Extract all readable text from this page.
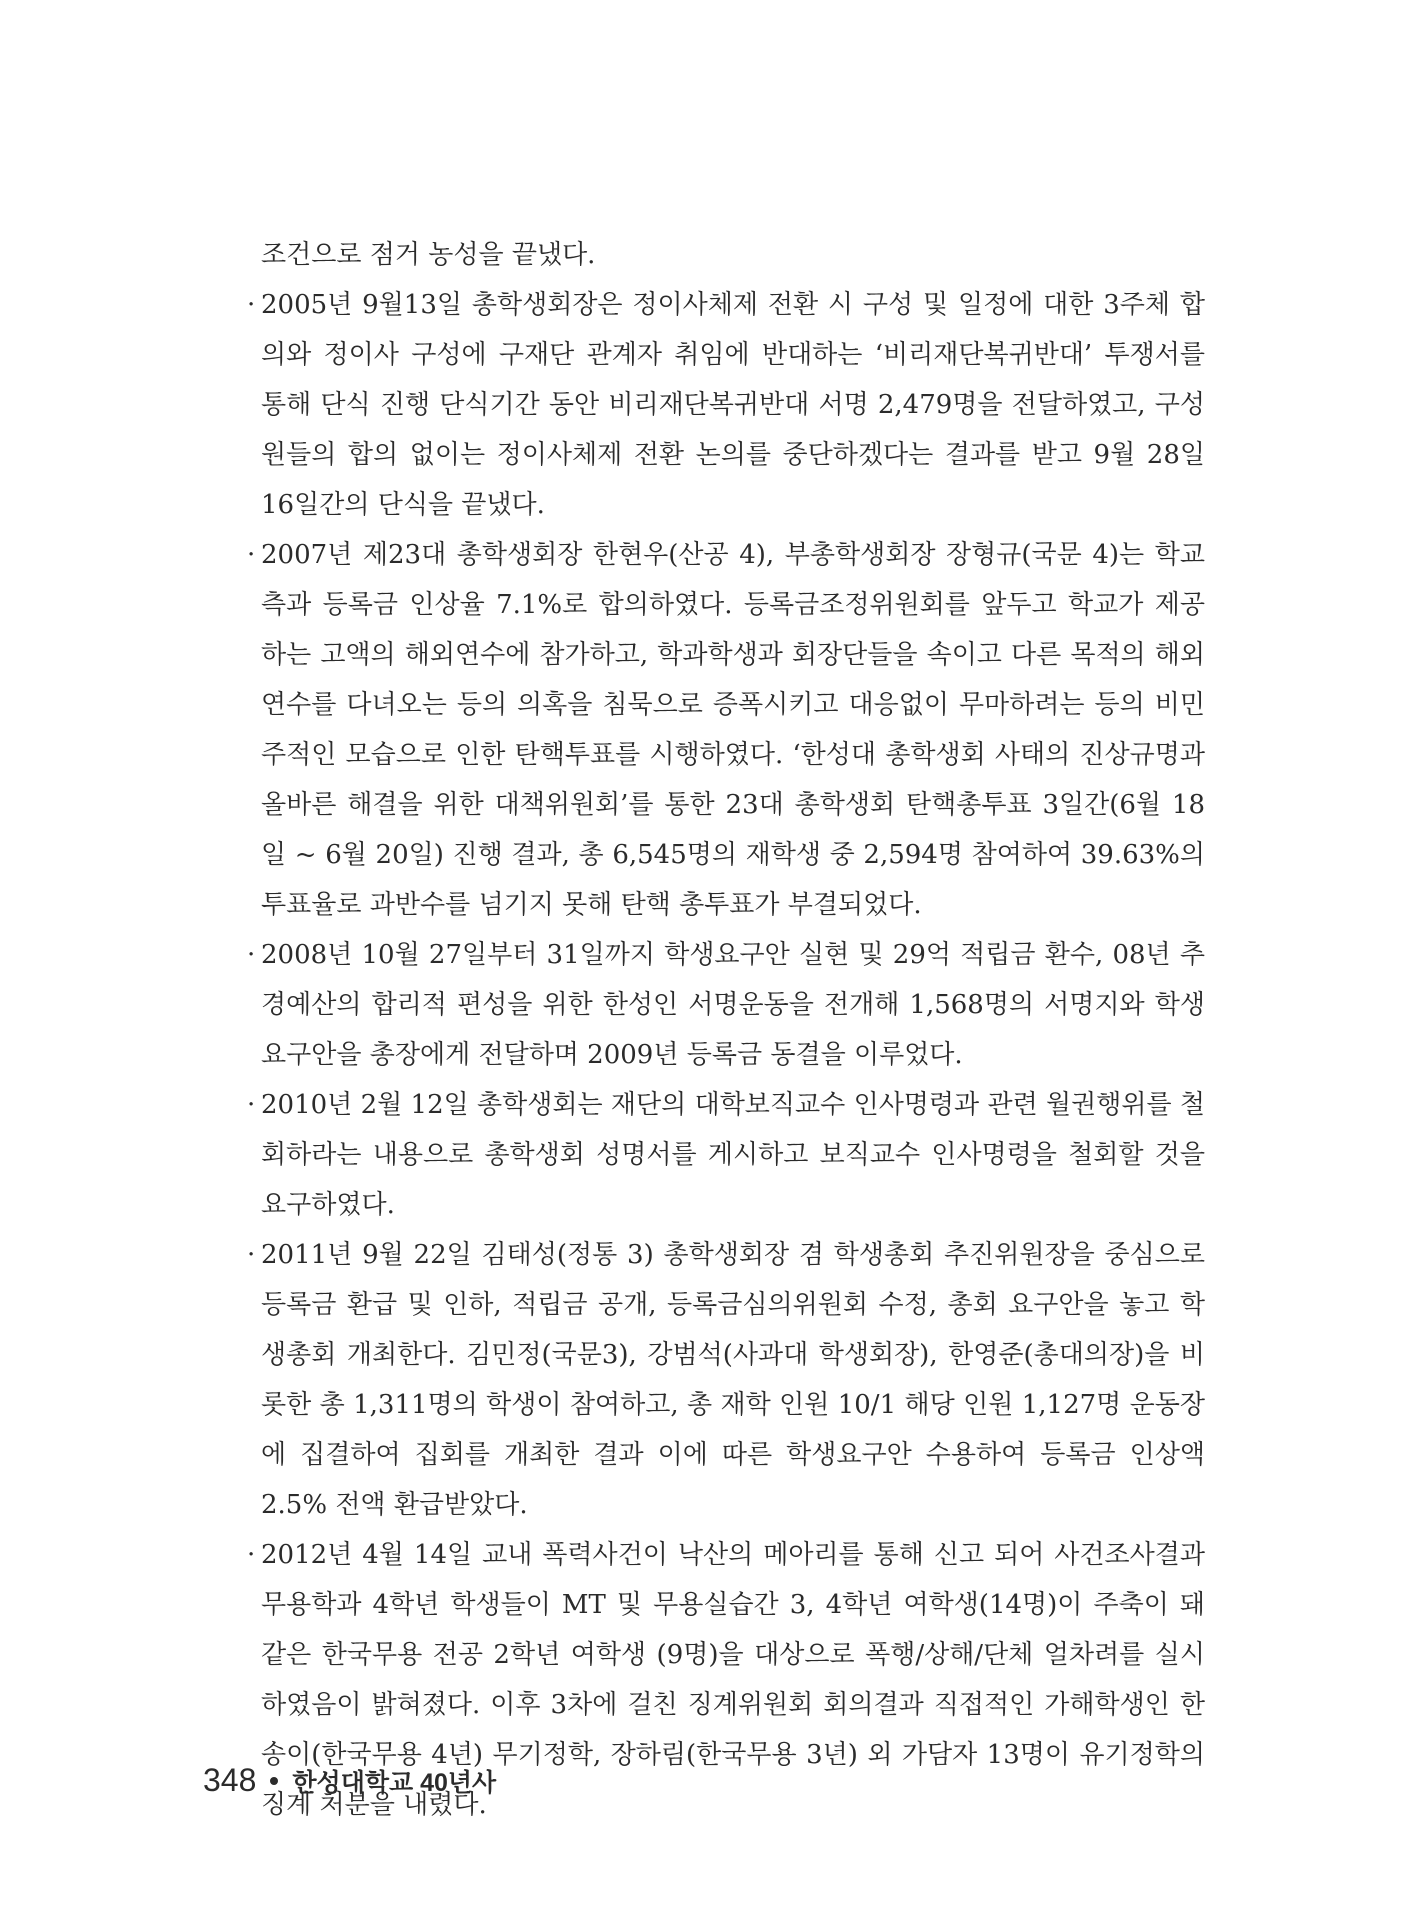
조건으로 점거 농성을 끝냈다.

· 2005년 9월13일 총학생회장은 정이사체제 전환 시 구성 및 일정에 대한 3주체 합의와 정이사 구성에 구재단 관계자 취임에 반대하는 ‘비리재단복귀반대’ 투쟁서를 통해 단식 진행 단식기간 동안 비리재단복귀반대 서명 2,479명을 전달하였고, 구성원들의 합의 없이는 정이사체제 전환 논의를 중단하겠다는 결과를 받고 9월 28일 16일간의 단식을 끝냈다.

· 2007년 제23대 총학생회장 한현우(산공 4), 부총학생회장 장형규(국문 4)는 학교측과 등록금 인상율 7.1%로 합의하였다. 등록금조정위원회를 앞두고 학교가 제공하는 고액의 해외연수에 참가하고, 학과학생과 회장단들을 속이고 다른 목적의 해외연수를 다녀오는 등의 의혹을 침묵으로 증폭시키고 대응없이 무마하려는 등의 비민주적인 모습으로 인한 탄핵투표를 시행하였다. ‘한성대 총학생회 사태의 진상규명과 올바른 해결을 위한 대책위원회’를 통한 23대 총학생회 탄핵총투표 3일간(6월 18일 ~ 6월 20일) 진행 결과, 총 6,545명의 재학생 중 2,594명 참여하여 39.63%의 투표율로 과반수를 넘기지 못해 탄핵 총투표가 부결되었다.

· 2008년 10월 27일부터 31일까지 학생요구안 실현 및 29억 적립금 환수, 08년 추경예산의 합리적 편성을 위한 한성인 서명운동을 전개해 1,568명의 서명지와 학생요구안을 총장에게 전달하며 2009년 등록금 동결을 이루었다.

· 2010년 2월 12일 총학생회는 재단의 대학보직교수 인사명령과 관련 월권행위를 철회하라는 내용으로 총학생회 성명서를 게시하고 보직교수 인사명령을 철회할 것을 요구하였다.

· 2011년 9월 22일 김태성(정통 3) 총학생회장 겸 학생총회 추진위원장을 중심으로 등록금 환급 및 인하, 적립금 공개, 등록금심의위원회 수정, 총회 요구안을 놓고 학생총회 개최한다. 김민정(국문3), 강범석(사과대 학생회장), 한영준(총대의장)을 비롯한 총 1,311명의 학생이 참여하고, 총 재학 인원 10/1 해당 인원 1,127명 운동장에 집결하여 집회를 개최한 결과 이에 따른 학생요구안 수용하여 등록금 인상액 2.5% 전액 환급받았다.

· 2012년 4월 14일 교내 폭력사건이 낙산의 메아리를 통해 신고 되어 사건조사결과 무용학과 4학년 학생들이 MT 및 무용실습간 3, 4학년 여학생(14명)이 주축이 돼 같은 한국무용 전공 2학년 여학생 (9명)을 대상으로 폭행/상해/단체 얼차려를 실시하였음이 밝혀졌다. 이후 3차에 걸친 징계위원회 회의결과 직접적인 가해학생인 한송이(한국무용 4년) 무기정학, 장하림(한국무용 3년) 외 가담자 13명이 유기정학의 징계 처분을 내렸다.

348 한성대학교 40년사
